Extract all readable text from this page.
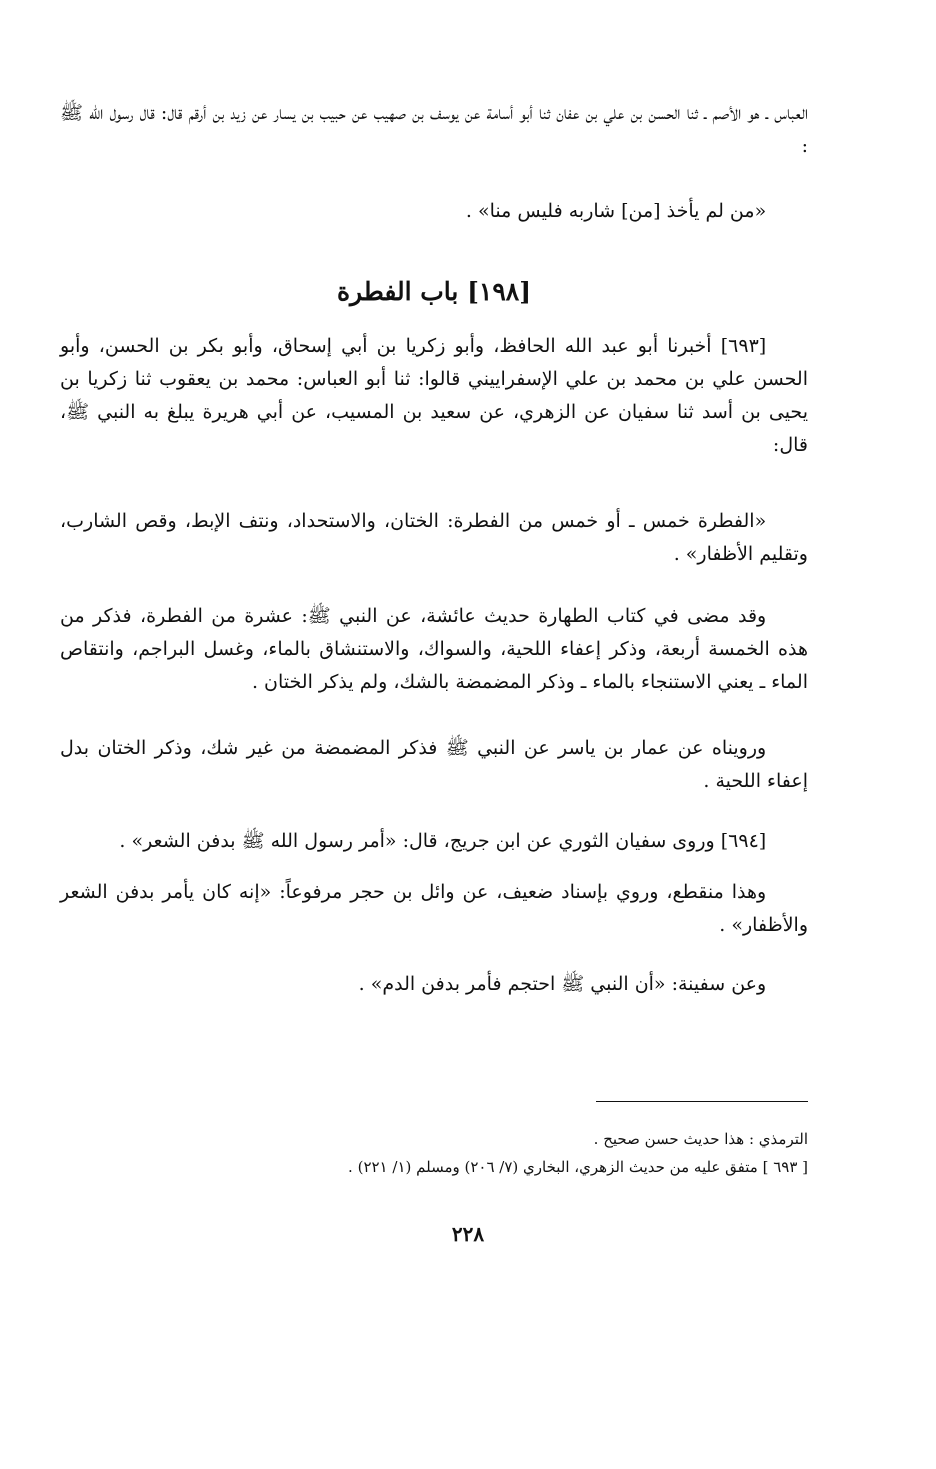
العباس ـ هو الأصم ـ ثنا الحسن بن علي بن عفان ثنا أبو أسامة عن يوسف بن صهيب عن حبيب بن يسار عن زيد بن أرقم قال: قال رسول الله ﷺ :

«من لم يأخذ [من] شاربه فليس منا» .

[١٩٨] باب الفطرة

[٦٩٣] أخبرنا أبو عبد الله الحافظ، وأبو زكريا بن أبي إسحاق، وأبو بكر بن الحسن، وأبو الحسن علي بن محمد بن علي الإسفراييني قالوا: ثنا أبو العباس: محمد بن يعقوب ثنا زكريا بن يحيى بن أسد ثنا سفيان عن الزهري، عن سعيد بن المسيب، عن أبي هريرة يبلغ به النبي ﷺ، قال:

«الفطرة خمس ـ أو خمس من الفطرة: الختان، والاستحداد، ونتف الإبط، وقص الشارب، وتقليم الأظفار» .

وقد مضى في كتاب الطهارة حديث عائشة، عن النبي ﷺ: عشرة من الفطرة، فذكر من هذه الخمسة أربعة، وذكر إعفاء اللحية، والسواك، والاستنشاق بالماء، وغسل البراجم، وانتقاص الماء ـ يعني الاستنجاء بالماء ـ وذكر المضمضة بالشك، ولم يذكر الختان .

ورويناه عن عمار بن ياسر عن النبي ﷺ فذكر المضمضة من غير شك، وذكر الختان بدل إعفاء اللحية .

[٦٩٤] وروى سفيان الثوري عن ابن جريج، قال: «أمر رسول الله ﷺ بدفن الشعر» .

وهذا منقطع، وروي بإسناد ضعيف، عن وائل بن حجر مرفوعاً: «إنه كان يأمر بدفن الشعر والأظفار» .

وعن سفينة: «أن النبي ﷺ احتجم فأمر بدفن الدم» .

الترمذي : هذا حديث حسن صحيح .
[ ٦٩٣ ] متفق عليه من حديث الزهري، البخاري (٧/ ٢٠٦) ومسلم (١/ ٢٢١) .
٢٢٨
